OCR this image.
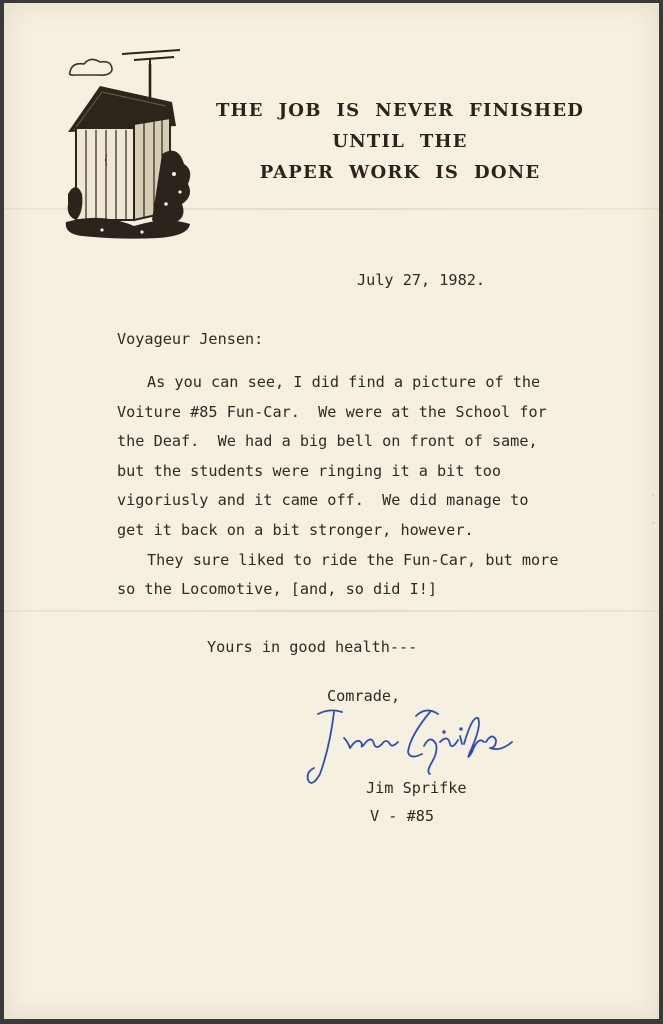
THE  JOB  IS  NEVER  FINISHED
UNTIL  THE
PAPER  WORK  IS  DONE
July 27, 1982.
Voyageur Jensen:
As you can see, I did find a picture of the
Voiture #85 Fun-Car.  We were at the School for
the Deaf.  We had a big bell on front of same,
but the students were ringing it a bit too
vigoriusly and it came off.  We did manage to
get it back on a bit stronger, however.
They sure liked to ride the Fun-Car, but more
so the Locomotive, [and, so did I!]
Yours in good health---
Comrade,
Jim Sprifke
V - #85
-
-
